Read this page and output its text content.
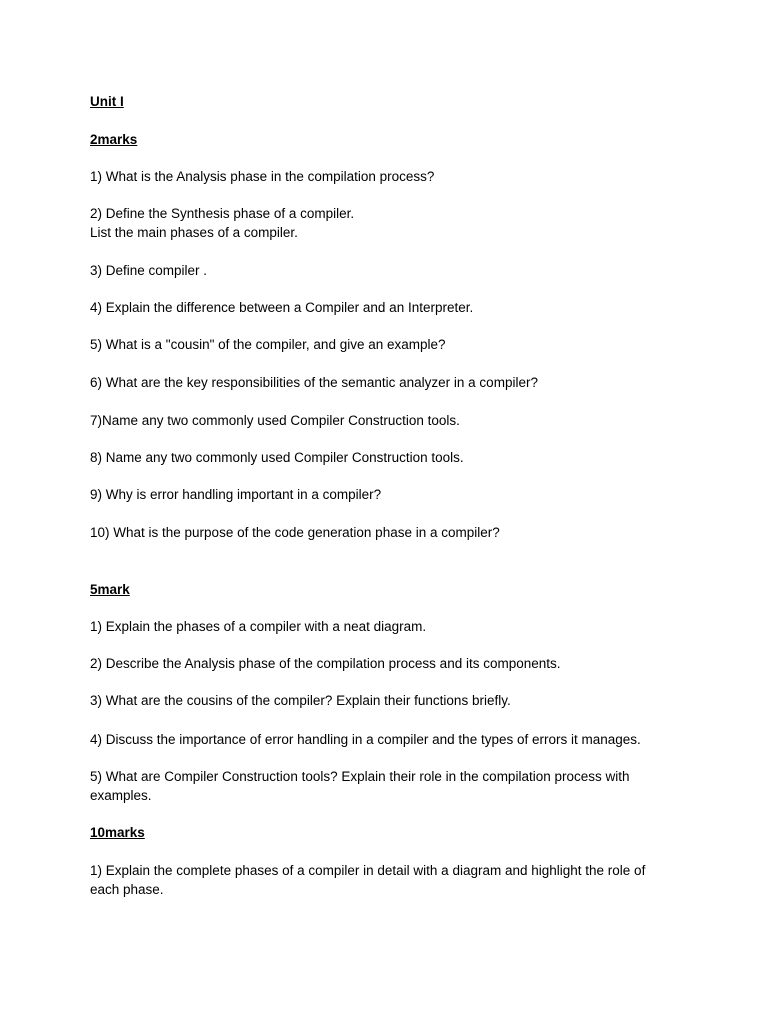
Unit I
2marks
1) What is the Analysis phase in the compilation process?
2) Define the Synthesis phase of a compiler.
List the main phases of a compiler.
3) Define compiler .
4) Explain the difference between a Compiler and an Interpreter.
5) What is a "cousin" of the compiler, and give an example?
6) What are the key responsibilities of the semantic analyzer in a compiler?
7)Name any two commonly used Compiler Construction tools.
8) Name any two commonly used Compiler Construction tools.
9) Why is error handling important in a compiler?
10) What is the purpose of the code generation phase in a compiler?
5mark
1) Explain the phases of a compiler with a neat diagram.
2) Describe the Analysis phase of the compilation process and its components.
3) What are the cousins of the compiler? Explain their functions briefly.
4) Discuss the importance of error handling in a compiler and the types of errors it manages.
5) What are Compiler Construction tools? Explain their role in the compilation process with examples.
10marks
1) Explain the complete phases of a compiler in detail with a diagram and highlight the role of each phase.
